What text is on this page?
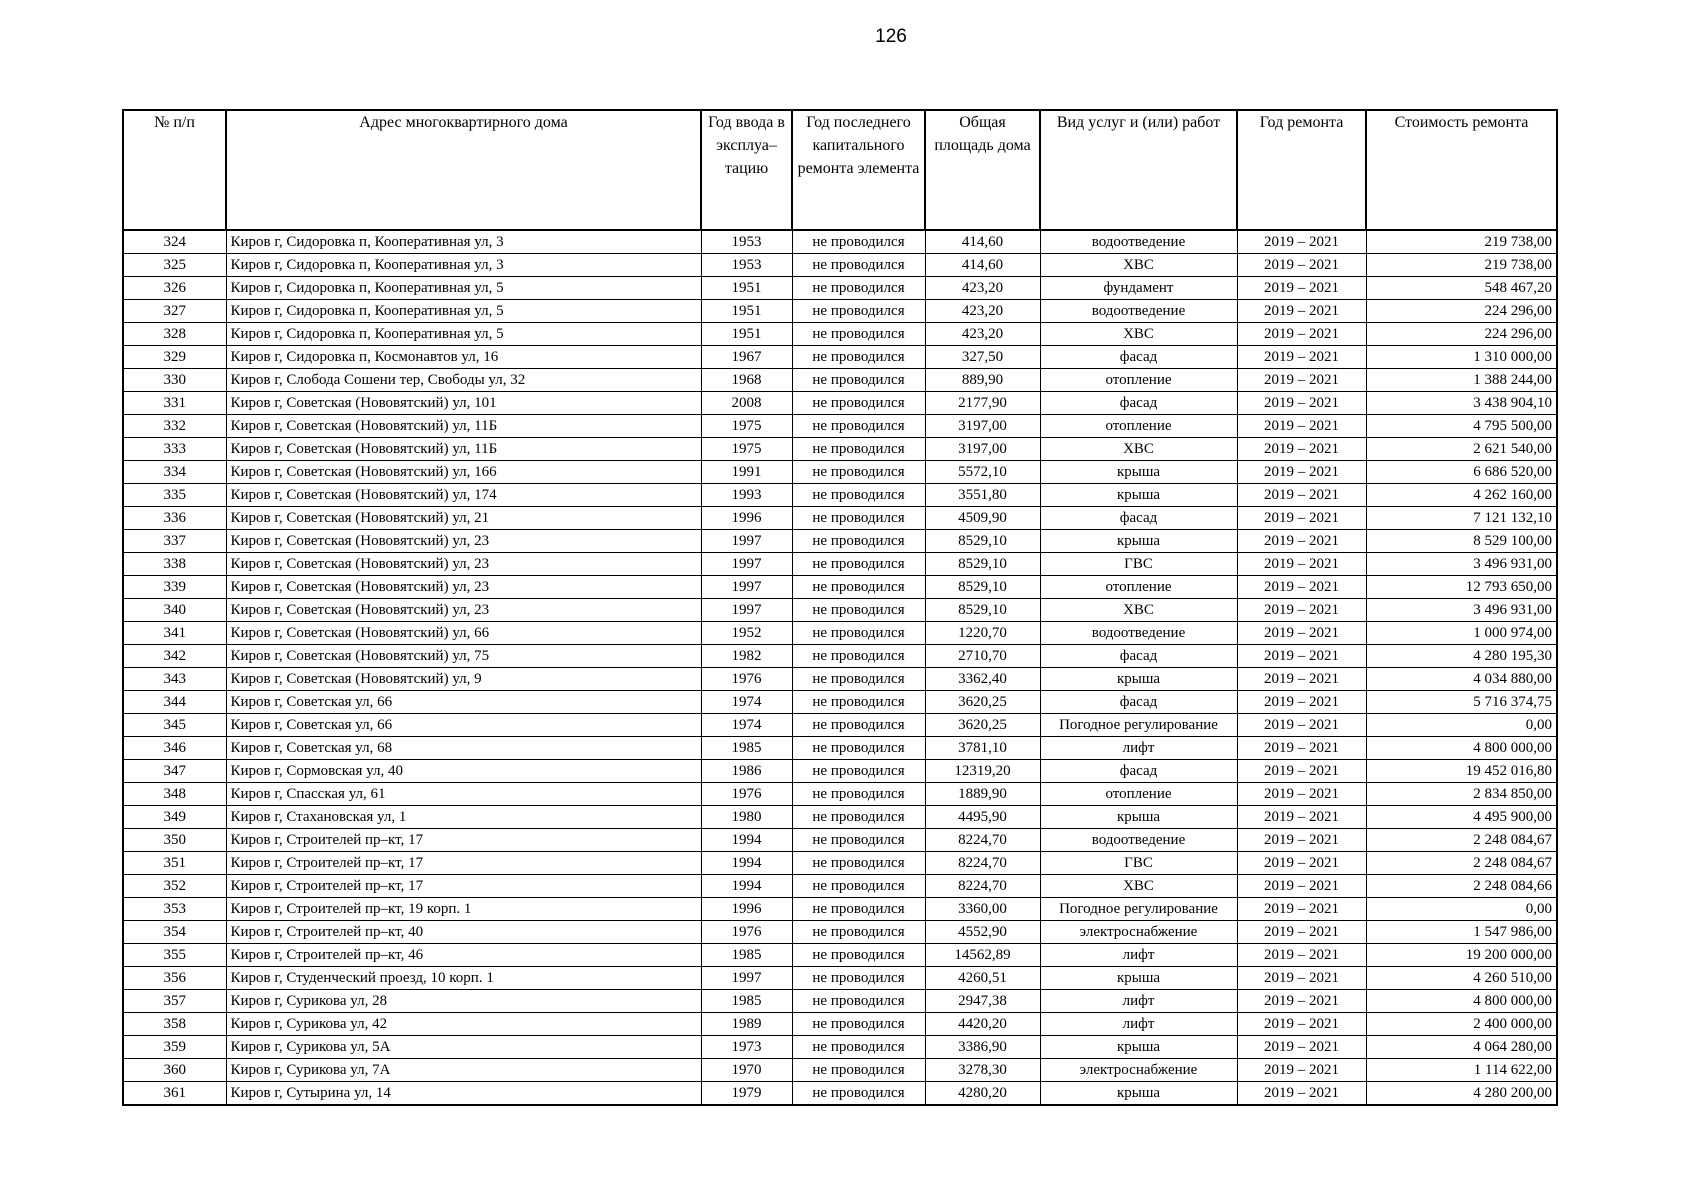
126
№ п/п	Адрес многоквартирного дома	Год ввода в эксплуа– тацию	Год последнего капитального ремонта элемента	Общая площадь дома	Вид услуг и (или) работ	Год ремонта	Стоимость ремонта
324	Киров г, Сидоровка п, Кооперативная ул, 3	1953	не проводился	414,60	водоотведение	2019 – 2021	219 738,00
325	Киров г, Сидоровка п, Кооперативная ул, 3	1953	не проводился	414,60	ХВС	2019 – 2021	219 738,00
326	Киров г, Сидоровка п, Кооперативная ул, 5	1951	не проводился	423,20	фундамент	2019 – 2021	548 467,20
327	Киров г, Сидоровка п, Кооперативная ул, 5	1951	не проводился	423,20	водоотведение	2019 – 2021	224 296,00
328	Киров г, Сидоровка п, Кооперативная ул, 5	1951	не проводился	423,20	ХВС	2019 – 2021	224 296,00
329	Киров г, Сидоровка п, Космонавтов ул, 16	1967	не проводился	327,50	фасад	2019 – 2021	1 310 000,00
330	Киров г, Слобода Сошени тер, Свободы ул, 32	1968	не проводился	889,90	отопление	2019 – 2021	1 388 244,00
331	Киров г, Советская (Нововятский) ул, 101	2008	не проводился	2177,90	фасад	2019 – 2021	3 438 904,10
332	Киров г, Советская (Нововятский) ул, 11Б	1975	не проводился	3197,00	отопление	2019 – 2021	4 795 500,00
333	Киров г, Советская (Нововятский) ул, 11Б	1975	не проводился	3197,00	ХВС	2019 – 2021	2 621 540,00
334	Киров г, Советская (Нововятский) ул, 166	1991	не проводился	5572,10	крыша	2019 – 2021	6 686 520,00
335	Киров г, Советская (Нововятский) ул, 174	1993	не проводился	3551,80	крыша	2019 – 2021	4 262 160,00
336	Киров г, Советская (Нововятский) ул, 21	1996	не проводился	4509,90	фасад	2019 – 2021	7 121 132,10
337	Киров г, Советская (Нововятский) ул, 23	1997	не проводился	8529,10	крыша	2019 – 2021	8 529 100,00
338	Киров г, Советская (Нововятский) ул, 23	1997	не проводился	8529,10	ГВС	2019 – 2021	3 496 931,00
339	Киров г, Советская (Нововятский) ул, 23	1997	не проводился	8529,10	отопление	2019 – 2021	12 793 650,00
340	Киров г, Советская (Нововятский) ул, 23	1997	не проводился	8529,10	ХВС	2019 – 2021	3 496 931,00
341	Киров г, Советская (Нововятский) ул, 66	1952	не проводился	1220,70	водоотведение	2019 – 2021	1 000 974,00
342	Киров г, Советская (Нововятский) ул, 75	1982	не проводился	2710,70	фасад	2019 – 2021	4 280 195,30
343	Киров г, Советская (Нововятский) ул, 9	1976	не проводился	3362,40	крыша	2019 – 2021	4 034 880,00
344	Киров г, Советская ул, 66	1974	не проводился	3620,25	фасад	2019 – 2021	5 716 374,75
345	Киров г, Советская ул, 66	1974	не проводился	3620,25	Погодное регулирование	2019 – 2021	0,00
346	Киров г, Советская ул, 68	1985	не проводился	3781,10	лифт	2019 – 2021	4 800 000,00
347	Киров г, Сормовская ул, 40	1986	не проводился	12319,20	фасад	2019 – 2021	19 452 016,80
348	Киров г, Спасская ул, 61	1976	не проводился	1889,90	отопление	2019 – 2021	2 834 850,00
349	Киров г, Стахановская ул, 1	1980	не проводился	4495,90	крыша	2019 – 2021	4 495 900,00
350	Киров г, Строителей пр–кт, 17	1994	не проводился	8224,70	водоотведение	2019 – 2021	2 248 084,67
351	Киров г, Строителей пр–кт, 17	1994	не проводился	8224,70	ГВС	2019 – 2021	2 248 084,67
352	Киров г, Строителей пр–кт, 17	1994	не проводился	8224,70	ХВС	2019 – 2021	2 248 084,66
353	Киров г, Строителей пр–кт, 19 корп. 1	1996	не проводился	3360,00	Погодное регулирование	2019 – 2021	0,00
354	Киров г, Строителей пр–кт, 40	1976	не проводился	4552,90	электроснабжение	2019 – 2021	1 547 986,00
355	Киров г, Строителей пр–кт, 46	1985	не проводился	14562,89	лифт	2019 – 2021	19 200 000,00
356	Киров г, Студенческий проезд, 10 корп. 1	1997	не проводился	4260,51	крыша	2019 – 2021	4 260 510,00
357	Киров г, Сурикова ул, 28	1985	не проводился	2947,38	лифт	2019 – 2021	4 800 000,00
358	Киров г, Сурикова ул, 42	1989	не проводился	4420,20	лифт	2019 – 2021	2 400 000,00
359	Киров г, Сурикова ул, 5А	1973	не проводился	3386,90	крыша	2019 – 2021	4 064 280,00
360	Киров г, Сурикова ул, 7А	1970	не проводился	3278,30	электроснабжение	2019 – 2021	1 114 622,00
361	Киров г, Сутырина ул, 14	1979	не проводился	4280,20	крыша	2019 – 2021	4 280 200,00
